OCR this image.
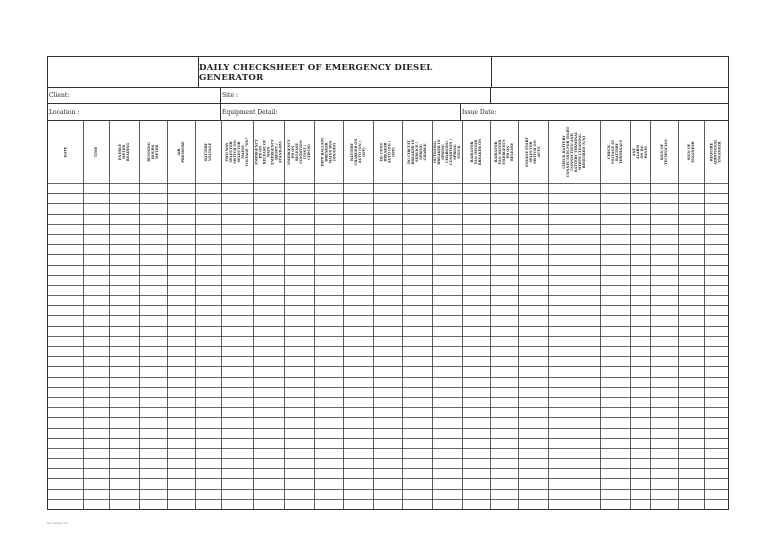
DAILY CHECKSHEET OF EMERGENCY DIESEL GENERATOR
Client:	Site :
Location :	Equipment Detail:	Issue Date:
DATE	TIME	ENERGY METER READING	RUNNING HOURS METER	AIR PRESSURE	BATTERY VOLTAGE	TWO WAY SELECTOR SWITCH ON SELECTOR MAINS VOLTAGE "ON" EMERGENCY PB ON RELEASE OF MAIN EMERGENCY (RESET / STAND-BY) EMERGENCY PB ON RELEASE CONDITION (TEST / CHECK)	DIPP BALLAST BREAKER MAINS BUS (ON/OFF)	BATTERY CHARGER ON AUTO (ON / OFF)	DG CONT BREAKER AUTO (ON / OFF)	DG CIRCUIT BREAKER IN SERVICE / SPRING CHARGE OUTGOING BREAKER IN SPRING CHARGING CONDITION / SPRING STUCK	RADIATOR FAN MOTOR BREAKER ON	RADIATOR FAN MOTOR EMERGENCY PB ON RELEASE	ENGINE START SELECTOR SWITCH ON AUTO	CHECK BATTERY CONNECTION FOR TIGHT CONNECTION AND BATTERY TERMINAL WHITE CLEANING REQUIRED (Y/N)	CHECK VOLTAGE AT BATTERY TERMINALS	ANY ALARM ON DG PANEL	SIGN OF TECHNICIAN	SIGN OF ENGINEER	REQUIRE ADDITIONAL ENGINEER
Document ref.
